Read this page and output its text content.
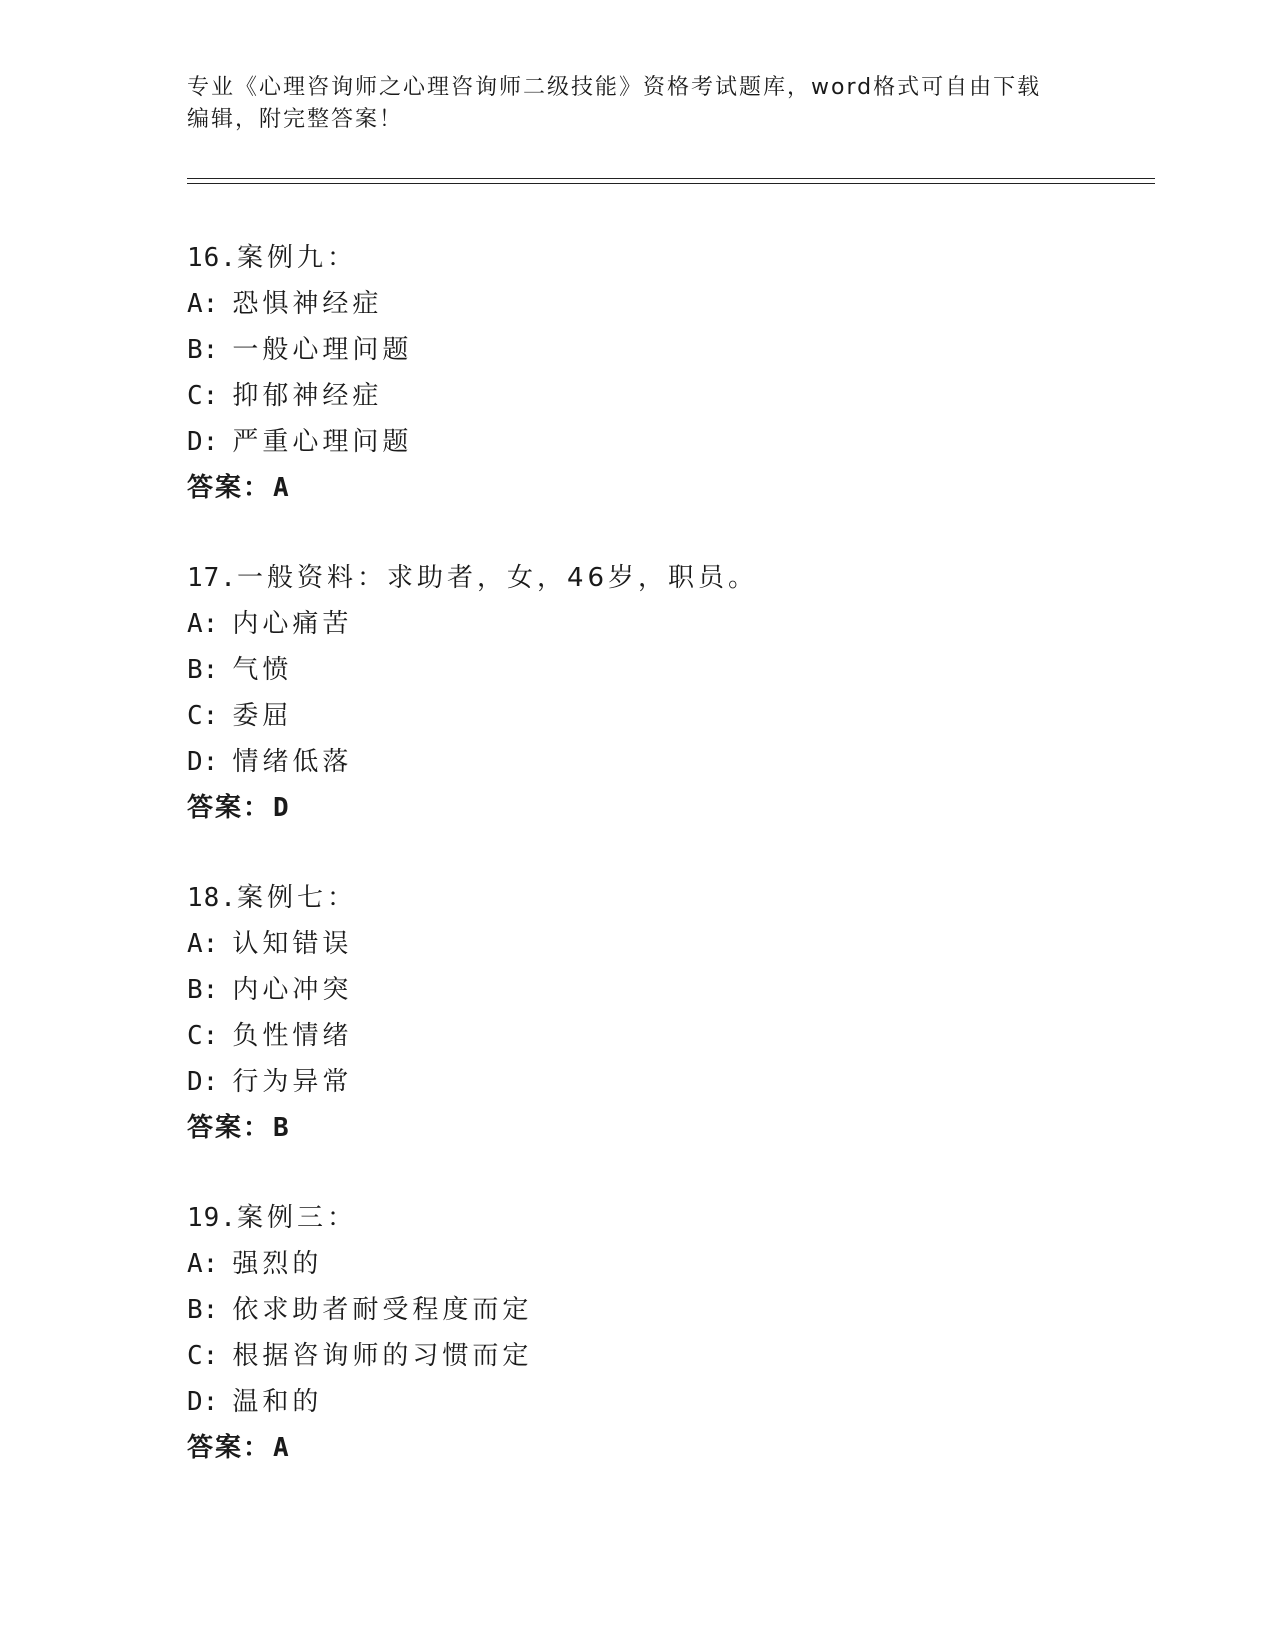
专业《心理咨询师之心理咨询师二级技能》资格考试题库，word格式可自由下载
编辑，附完整答案！
16.案例九：
A: 恐惧神经症
B: 一般心理问题
C: 抑郁神经症
D: 严重心理问题
答案：A
17.一般资料：求助者，女，46岁，职员。
A: 内心痛苦
B: 气愤
C: 委屈
D: 情绪低落
答案：D
18.案例七：
A: 认知错误
B: 内心冲突
C: 负性情绪
D: 行为异常
答案：B
19.案例三：
A: 强烈的
B: 依求助者耐受程度而定
C: 根据咨询师的习惯而定
D: 温和的
答案：A
